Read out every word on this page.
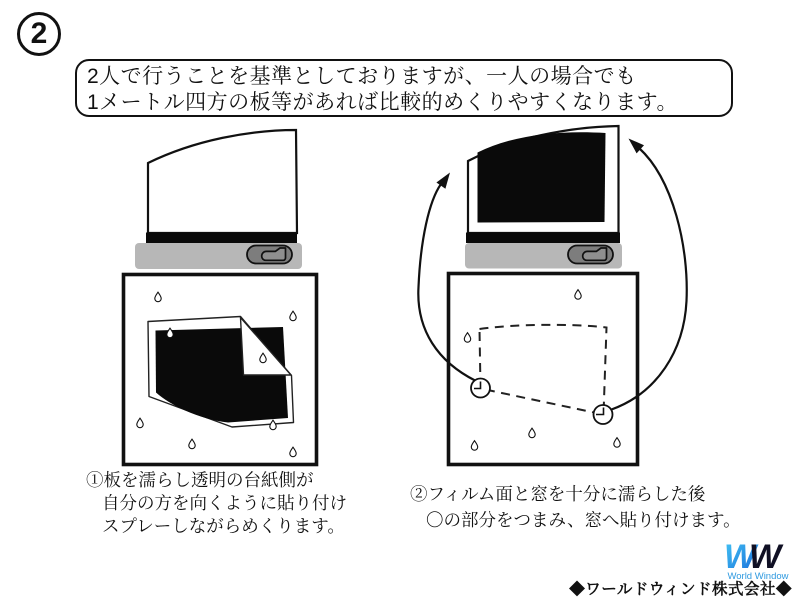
2
2人で行うことを基準としておりますが、一人の場合でも
1メートル四方の板等があれば比較的めくりやすくなります。
①板を濡らし透明の台紙側が
自分の方を向くように貼り付け
スプレーしながらめくります。
②フィルム面と窓を十分に濡らした後
〇の部分をつまみ、窓へ貼り付けます。
W
W
World Window
◆ワールドウィンド株式会社◆
